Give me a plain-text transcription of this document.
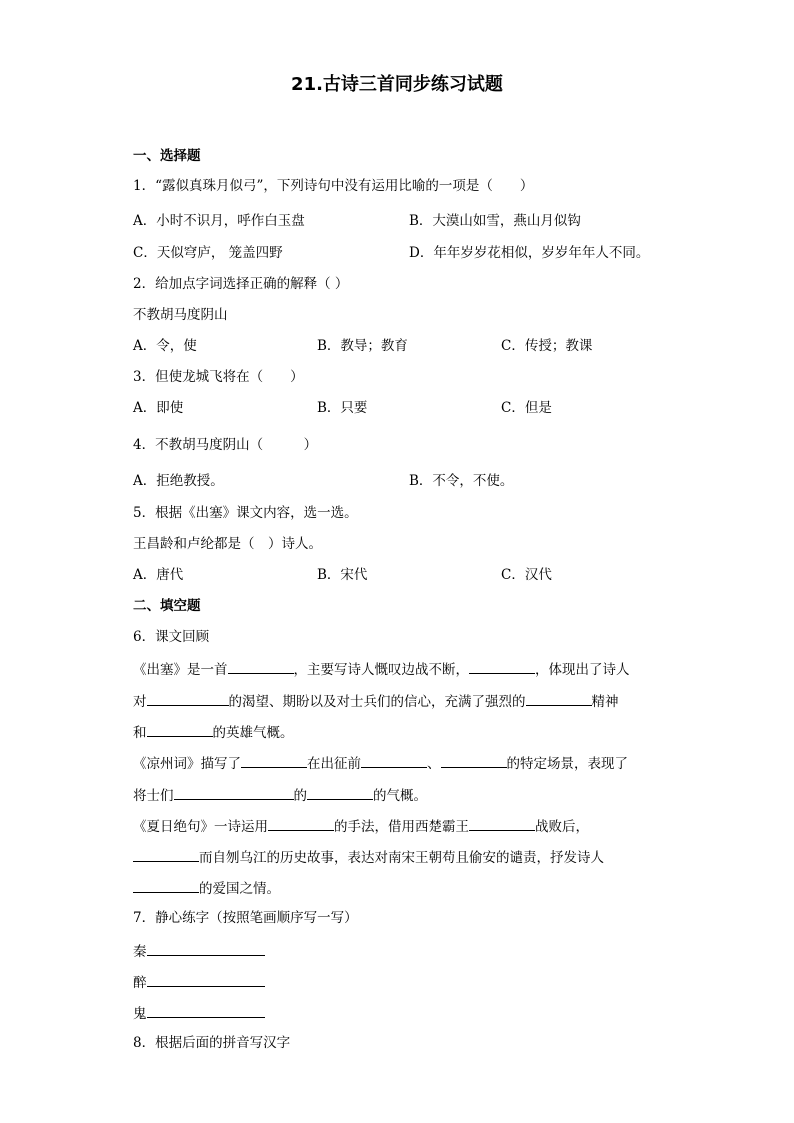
21.古诗三首同步练习试题
一、选择题
1．“露似真珠月似弓”，下列诗句中没有运用比喻的一项是（　　）
A．小时不识月，呼作白玉盘	B．大漠山如雪，燕山月似钩
C．天似穹庐， 笼盖四野	D．年年岁岁花相似，岁岁年年人不同。
2．给加点字词选择正确的解释（ ）
不教胡马度阴山
A．令，使	B．教导；教育	C．传授；教课
3．但使龙城飞将在（　　）
A．即使	B．只要	C．但是
4．不教胡马度阴山（　　　）
A．拒绝教授。	B．不令，不使。
5．根据《出塞》课文内容，选一选。
王昌龄和卢纶都是（　）诗人。
A．唐代	B．宋代	C．汉代
二、填空题
6．课文回顾
《出塞》是一首	，主要写诗人慨叹边战不断，	，体现出了诗人
对	的渴望、期盼以及对士兵们的信心，充满了强烈的	精神
和	的英雄气概。
《凉州词》描写了	在出征前	、	的特定场景，表现了
将士们	的	的气概。
《夏日绝句》一诗运用	的手法，借用西楚霸王	战败后，
而自刎乌江的历史故事，表达对南宋王朝苟且偷安的谴责，抒发诗人
的爱国之情。
7．静心练字（按照笔画顺序写一写）
秦
醉
鬼
8．根据后面的拼音写汉字
